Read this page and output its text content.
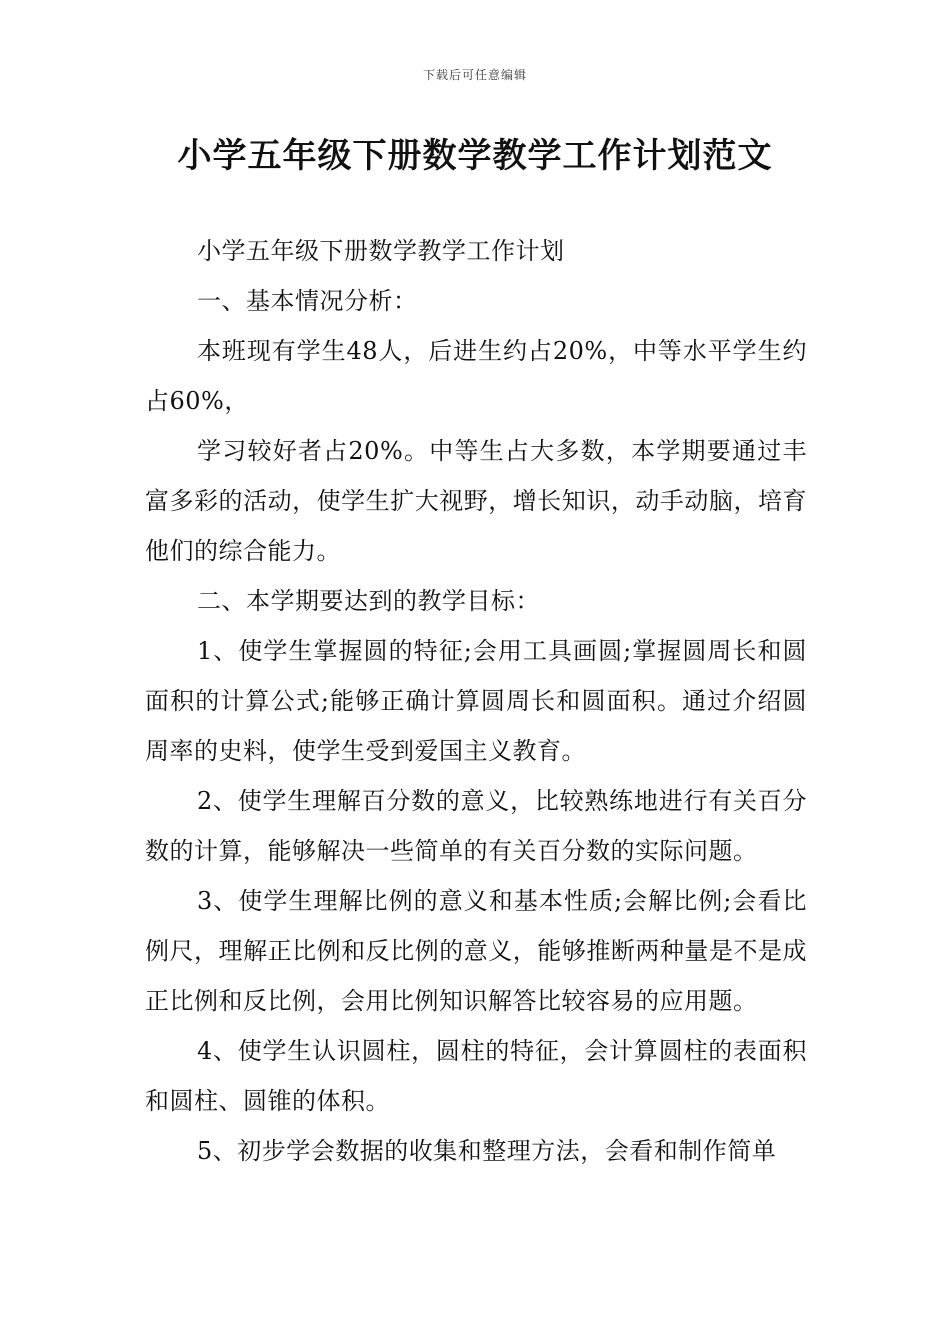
下载后可任意编辑
小学五年级下册数学教学工作计划范文

小学五年级下册数学教学工作计划

一、基本情况分析：

本班现有学生48人，后进生约占20%，中等水平学生约占60%，

学习较好者占20%。中等生占大多数，本学期要通过丰富多彩的活动，使学生扩大视野，增长知识，动手动脑，培育他们的综合能力。

二、本学期要达到的教学目标：

1、使学生掌握圆的特征;会用工具画圆;掌握圆周长和圆面积的计算公式;能够正确计算圆周长和圆面积。通过介绍圆周率的史料，使学生受到爱国主义教育。

2、使学生理解百分数的意义，比较熟练地进行有关百分数的计算，能够解决一些简单的有关百分数的实际问题。

3、使学生理解比例的意义和基本性质;会解比例;会看比例尺，理解正比例和反比例的意义，能够推断两种量是不是成正比例和反比例，会用比例知识解答比较容易的应用题。

4、使学生认识圆柱，圆柱的特征，会计算圆柱的表面积和圆柱、圆锥的体积。

5、初步学会数据的收集和整理方法，会看和制作简单
